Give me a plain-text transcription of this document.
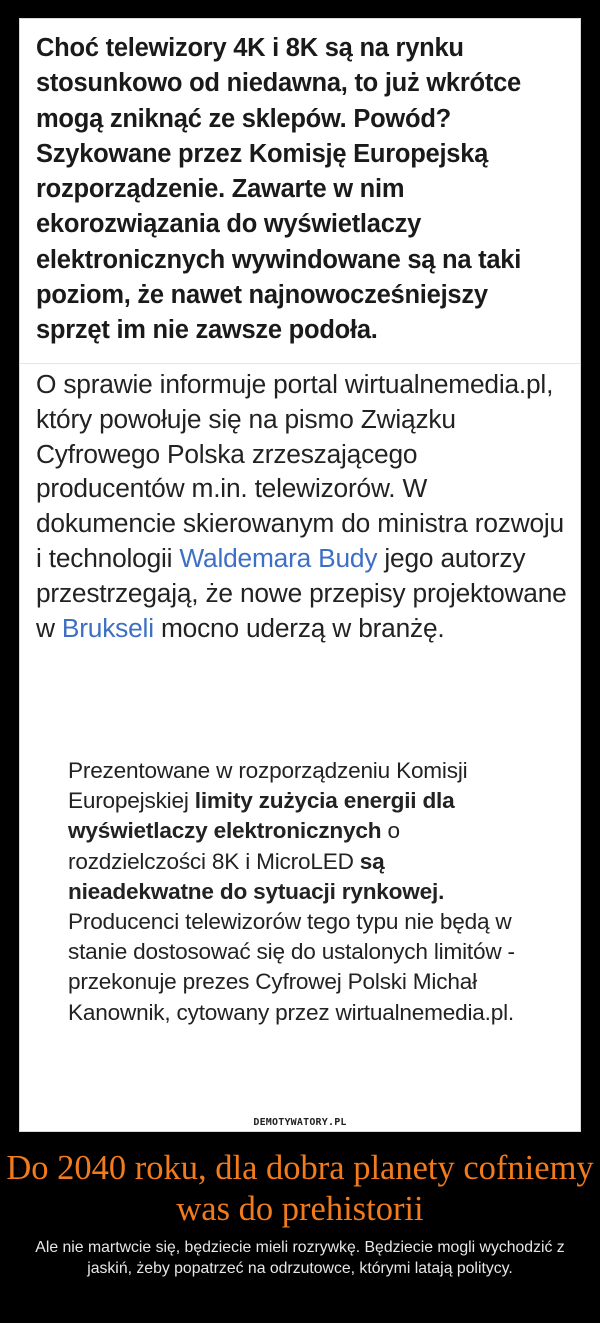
Choć telewizory 4K i 8K są na rynku stosunkowo od niedawna, to już wkrótce mogą zniknąć ze sklepów. Powód? Szykowane przez Komisję Europejską rozporządzenie. Zawarte w nim ekorozwiązania do wyświetlaczy elektronicznych wywindowane są na taki poziom, że nawet najnowocześniejszy sprzęt im nie zawsze podoła.
O sprawie informuje portal wirtualnemedia.pl, który powołuje się na pismo Związku Cyfrowego Polska zrzeszającego producentów m.in. telewizorów. W dokumencie skierowanym do ministra rozwoju i technologii Waldemara Budy jego autorzy przestrzegają, że nowe przepisy projektowane w Brukseli mocno uderzą w branżę.
Prezentowane w rozporządzeniu Komisji Europejskiej limity zużycia energii dla wyświetlaczy elektronicznych o rozdzielczości 8K i MicroLED są nieadekwatne do sytuacji rynkowej. Producenci telewizorów tego typu nie będą w stanie dostosować się do ustalonych limitów - przekonuje prezes Cyfrowej Polski Michał Kanownik, cytowany przez wirtualnemedia.pl.
DEMOTYWATORY.PL
Do 2040 roku, dla dobra planety cofniemy was do prehistorii
Ale nie martwcie się, będziecie mieli rozrywkę. Będziecie mogli wychodzić z jaskiń, żeby popatrzeć na odrzutowce, którymi latają politycy.
